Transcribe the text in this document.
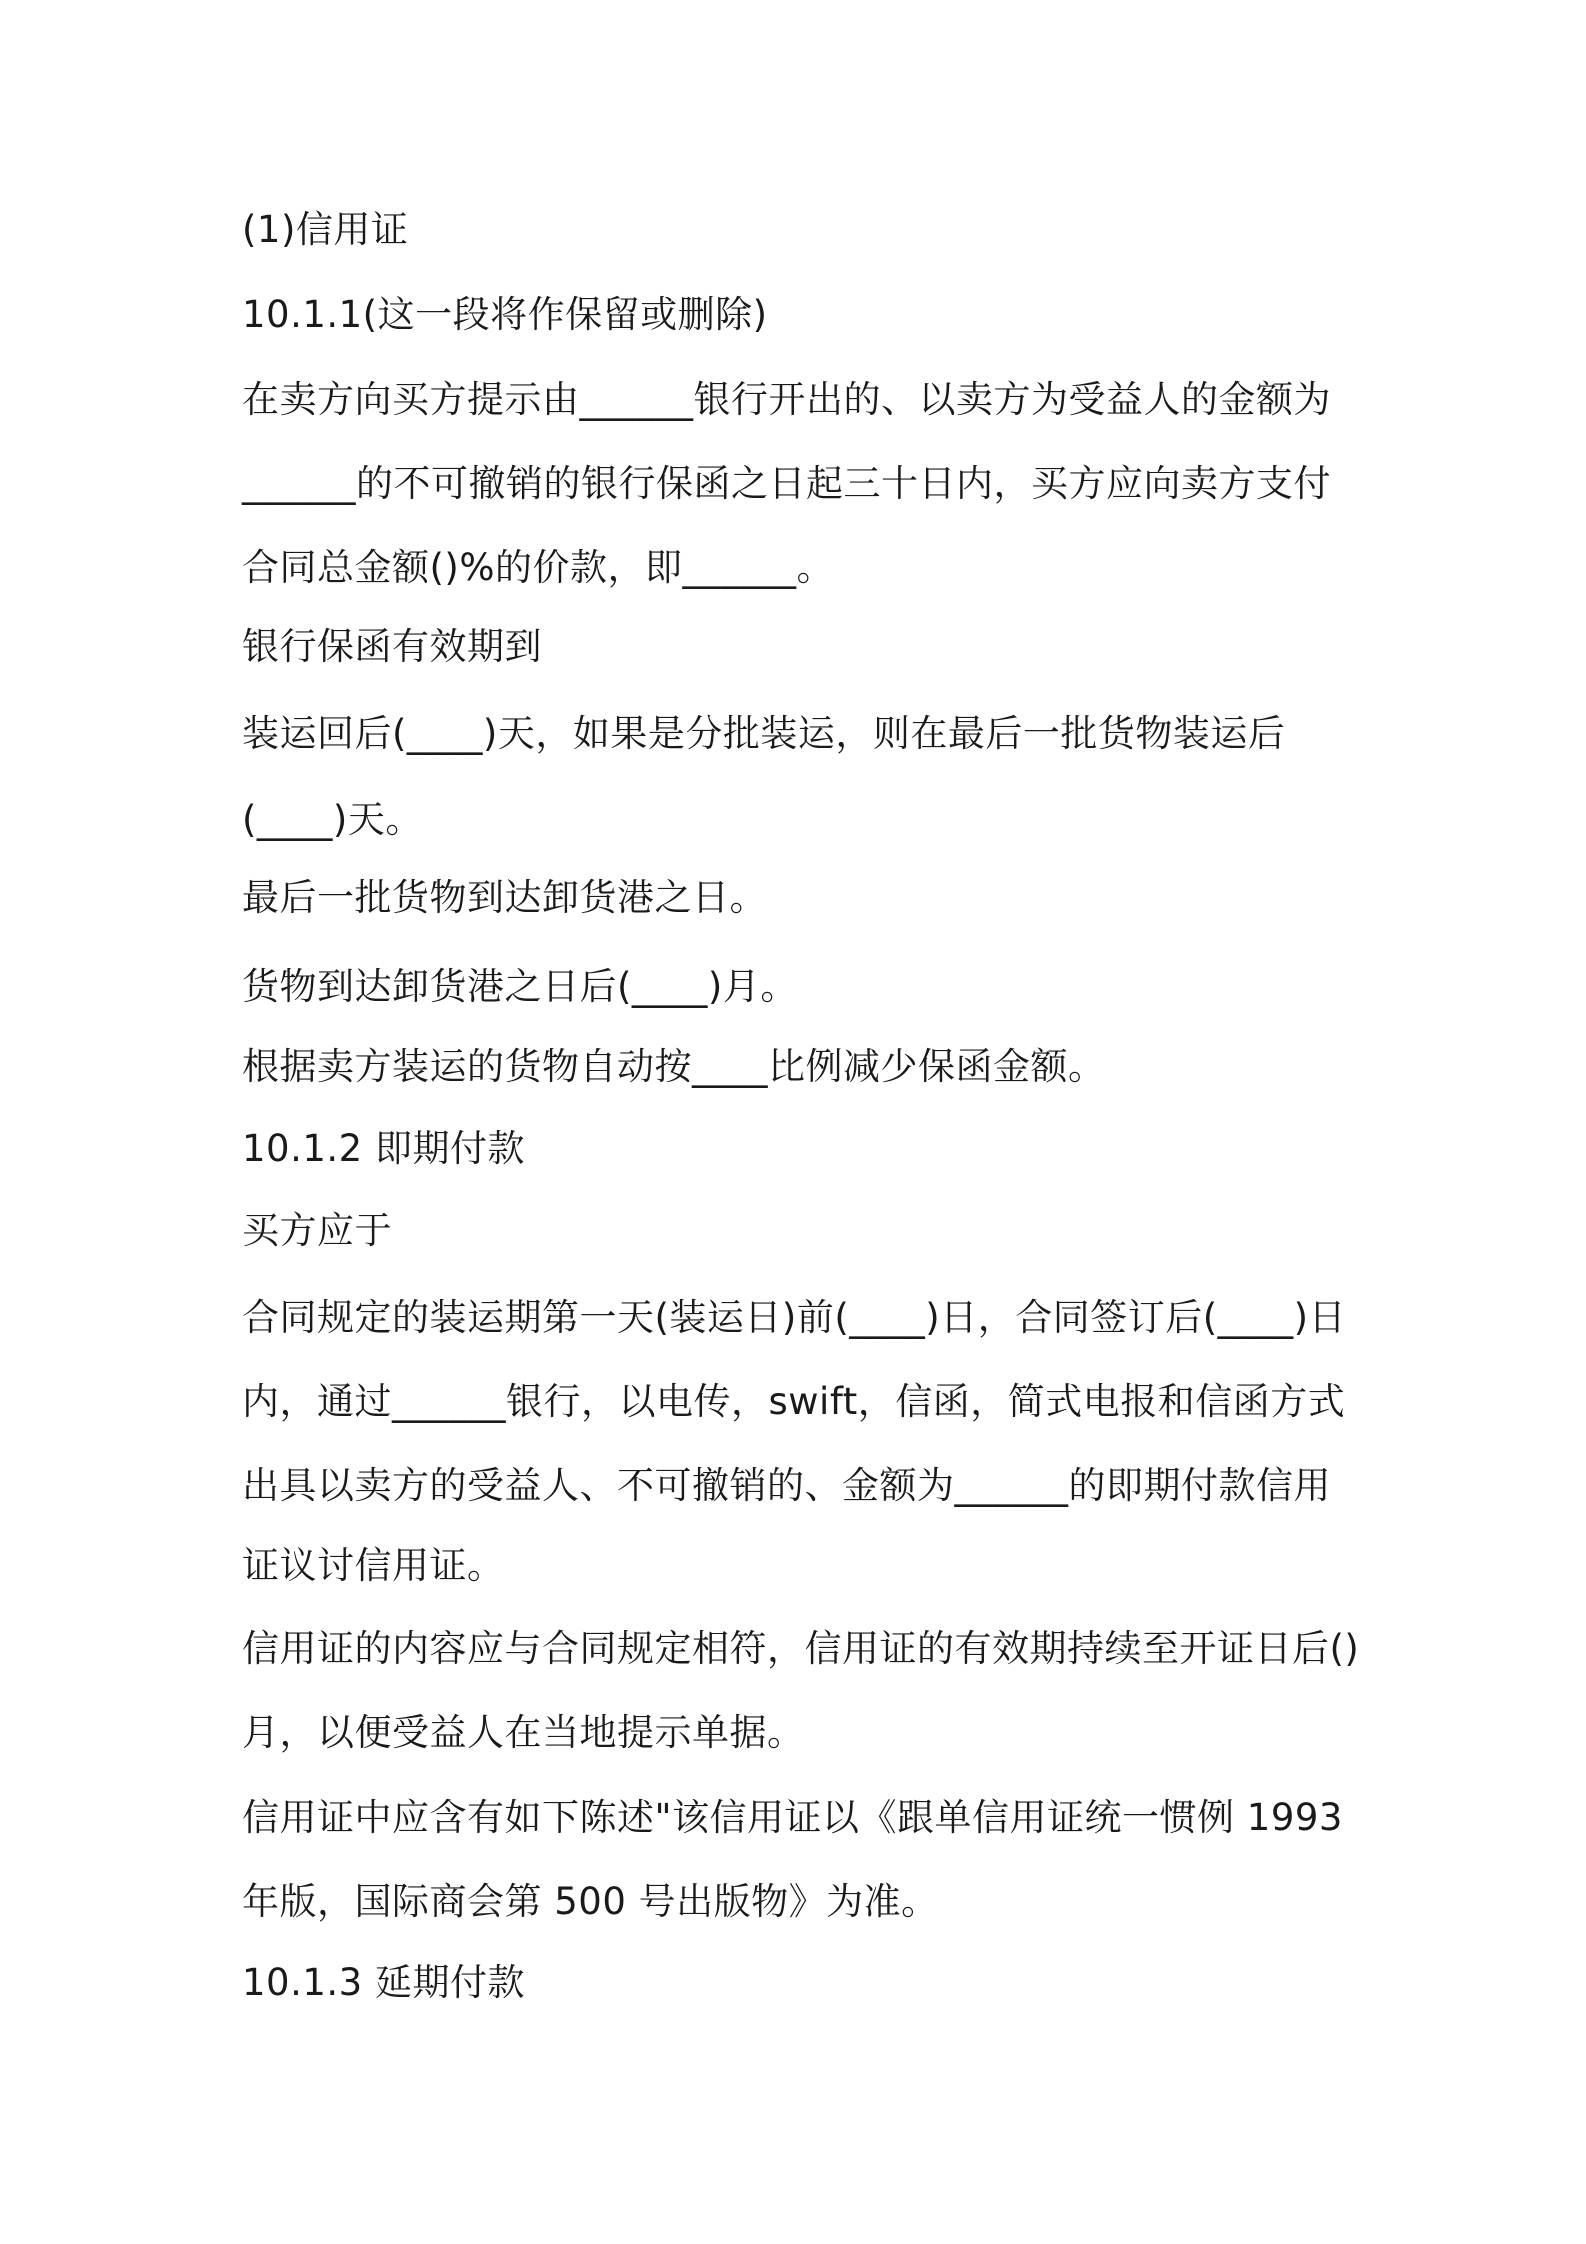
(1)信用证
10.1.1(这一段将作保留或删除)
在卖方向买方提示由______银行开出的、以卖方为受益人的金额为
______的不可撤销的银行保函之日起三十日内，买方应向卖方支付
合同总金额()%的价款，即______。
银行保函有效期到
装运回后(____)天，如果是分批装运，则在最后一批货物装运后
(____)天。
最后一批货物到达卸货港之日。
货物到达卸货港之日后(____)月。
根据卖方装运的货物自动按____比例减少保函金额。
10.1.2 即期付款
买方应于
合同规定的装运期第一天(装运日)前(____)日，合同签订后(____)日
内，通过______银行，以电传，swift，信函，简式电报和信函方式
出具以卖方的受益人、不可撤销的、金额为______的即期付款信用
证议讨信用证。
信用证的内容应与合同规定相符，信用证的有效期持续至开证日后()
月，以便受益人在当地提示单据。
信用证中应含有如下陈述"该信用证以《跟单信用证统一惯例 1993
年版，国际商会第 500 号出版物》为准。
10.1.3 延期付款
